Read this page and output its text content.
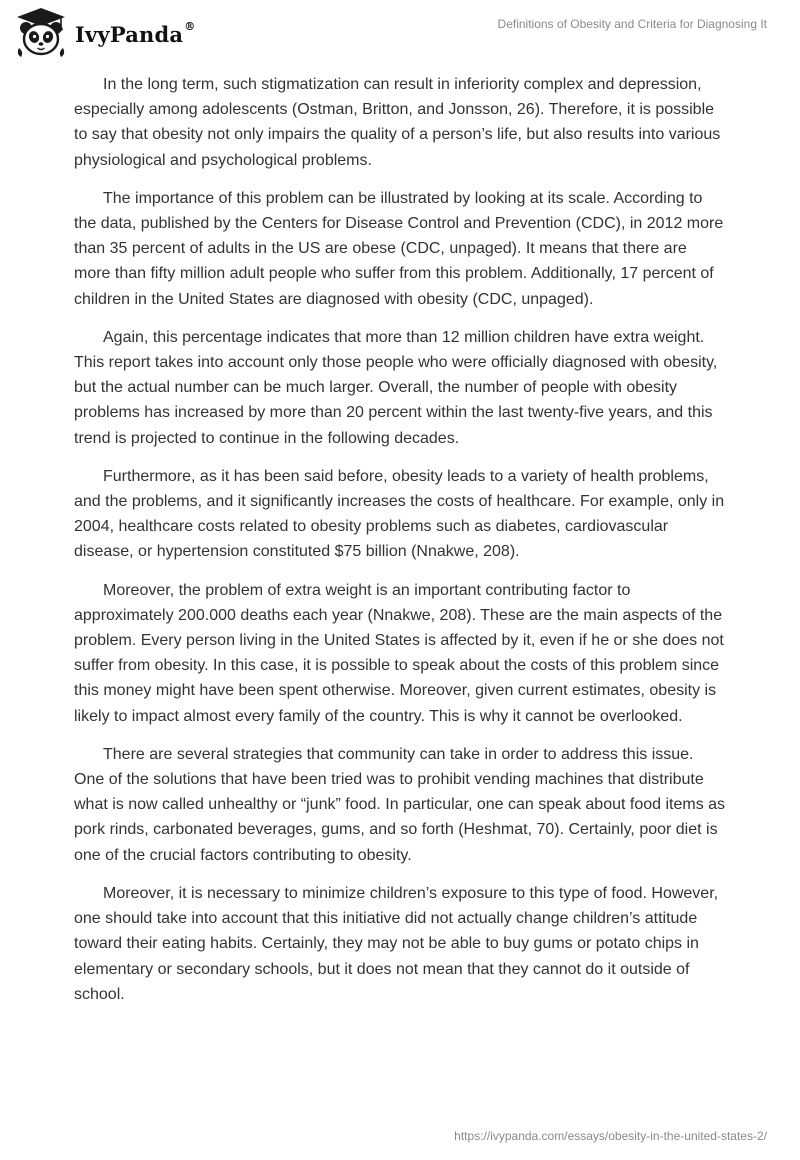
IvyPanda®	Definitions of Obesity and Criteria for Diagnosing It

In the long term, such stigmatization can result in inferiority complex and depression, especially among adolescents (Ostman, Britton, and Jonsson, 26). Therefore, it is possible to say that obesity not only impairs the quality of a person’s life, but also results into various physiological and psychological problems.

The importance of this problem can be illustrated by looking at its scale. According to the data, published by the Centers for Disease Control and Prevention (CDC), in 2012 more than 35 percent of adults in the US are obese (CDC, unpaged). It means that there are more than fifty million adult people who suffer from this problem. Additionally, 17 percent of children in the United States are diagnosed with obesity (CDC, unpaged).

Again, this percentage indicates that more than 12 million children have extra weight. This report takes into account only those people who were officially diagnosed with obesity, but the actual number can be much larger. Overall, the number of people with obesity problems has increased by more than 20 percent within the last twenty-five years, and this trend is projected to continue in the following decades.

Furthermore, as it has been said before, obesity leads to a variety of health problems, and the problems, and it significantly increases the costs of healthcare. For example, only in 2004, healthcare costs related to obesity problems such as diabetes, cardiovascular disease, or hypertension constituted $75 billion (Nnakwe, 208).

Moreover, the problem of extra weight is an important contributing factor to approximately 200.000 deaths each year (Nnakwe, 208). These are the main aspects of the problem. Every person living in the United States is affected by it, even if he or she does not suffer from obesity. In this case, it is possible to speak about the costs of this problem since this money might have been spent otherwise. Moreover, given current estimates, obesity is likely to impact almost every family of the country. This is why it cannot be overlooked.

There are several strategies that community can take in order to address this issue. One of the solutions that have been tried was to prohibit vending machines that distribute what is now called unhealthy or “junk” food. In particular, one can speak about food items as pork rinds, carbonated beverages, gums, and so forth (Heshmat, 70). Certainly, poor diet is one of the crucial factors contributing to obesity.

Moreover, it is necessary to minimize children’s exposure to this type of food. However, one should take into account that this initiative did not actually change children’s attitude toward their eating habits. Certainly, they may not be able to buy gums or potato chips in elementary or secondary schools, but it does not mean that they cannot do it outside of school.

https://ivypanda.com/essays/obesity-in-the-united-states-2/
